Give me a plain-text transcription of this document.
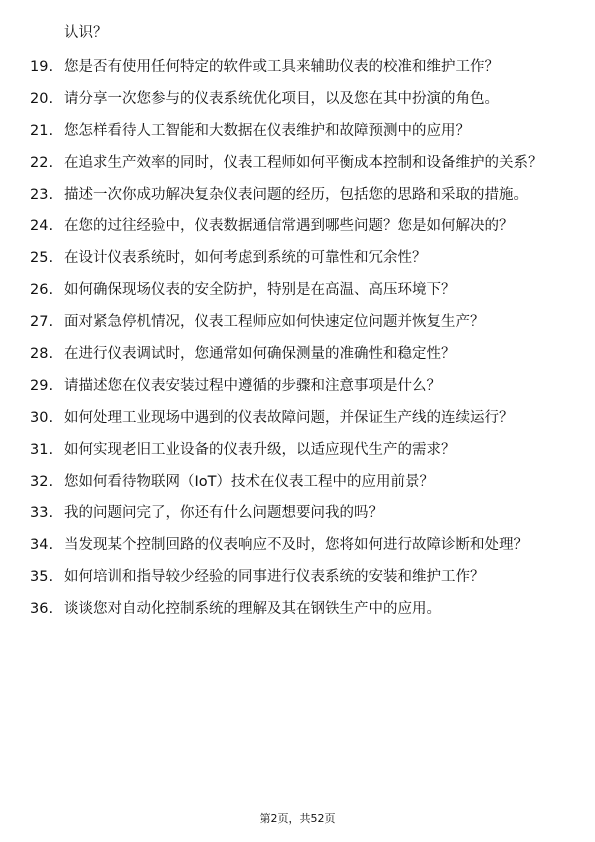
认识？

19. 您是否有使用任何特定的软件或工具来辅助仪表的校准和维护工作？
20. 请分享一次您参与的仪表系统优化项目，以及您在其中扮演的角色。
21. 您怎样看待人工智能和大数据在仪表维护和故障预测中的应用？
22. 在追求生产效率的同时，仪表工程师如何平衡成本控制和设备维护的关系？
23. 描述一次你成功解决复杂仪表问题的经历，包括您的思路和采取的措施。
24. 在您的过往经验中，仪表数据通信常遇到哪些问题？您是如何解决的？
25. 在设计仪表系统时，如何考虑到系统的可靠性和冗余性？
26. 如何确保现场仪表的安全防护，特别是在高温、高压环境下？
27. 面对紧急停机情况，仪表工程师应如何快速定位问题并恢复生产？
28. 在进行仪表调试时，您通常如何确保测量的准确性和稳定性？
29. 请描述您在仪表安装过程中遵循的步骤和注意事项是什么？
30. 如何处理工业现场中遇到的仪表故障问题，并保证生产线的连续运行？
31. 如何实现老旧工业设备的仪表升级，以适应现代生产的需求？
32. 您如何看待物联网（IoT）技术在仪表工程中的应用前景？
33. 我的问题问完了，你还有什么问题想要问我的吗？
34. 当发现某个控制回路的仪表响应不及时，您将如何进行故障诊断和处理？
35. 如何培训和指导较少经验的同事进行仪表系统的安装和维护工作？
36. 谈谈您对自动化控制系统的理解及其在钢铁生产中的应用。
第2页，共52页
